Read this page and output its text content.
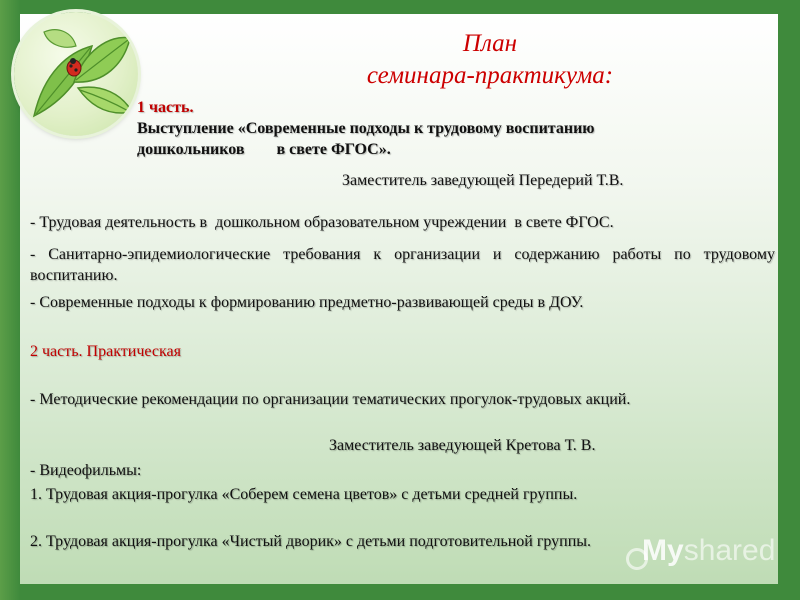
План
семинара-практикума:

1 часть.

Выступление «Современные подходы к трудовому воспитанию

дошкольников        в свете ФГОС».

Заместитель заведующей Передерий Т.В.

- Трудовая деятельность в  дошкольном образовательном учреждении  в свете ФГОС.

- Санитарно-эпидемиологические требования к организации и содержанию работы по трудовому воспитанию.

- Современные подходы к формированию предметно-развивающей среды в ДОУ.

2 часть. Практическая

- Методические рекомендации по организации тематических прогулок-трудовых акций.

Заместитель заведующей Кретова Т. В.

- Видеофильмы:

1. Трудовая акция-прогулка «Соберем семена цветов» с детьми средней группы.

2. Трудовая акция-прогулка «Чистый дворик» с детьми подготовительной группы.	Myshared
